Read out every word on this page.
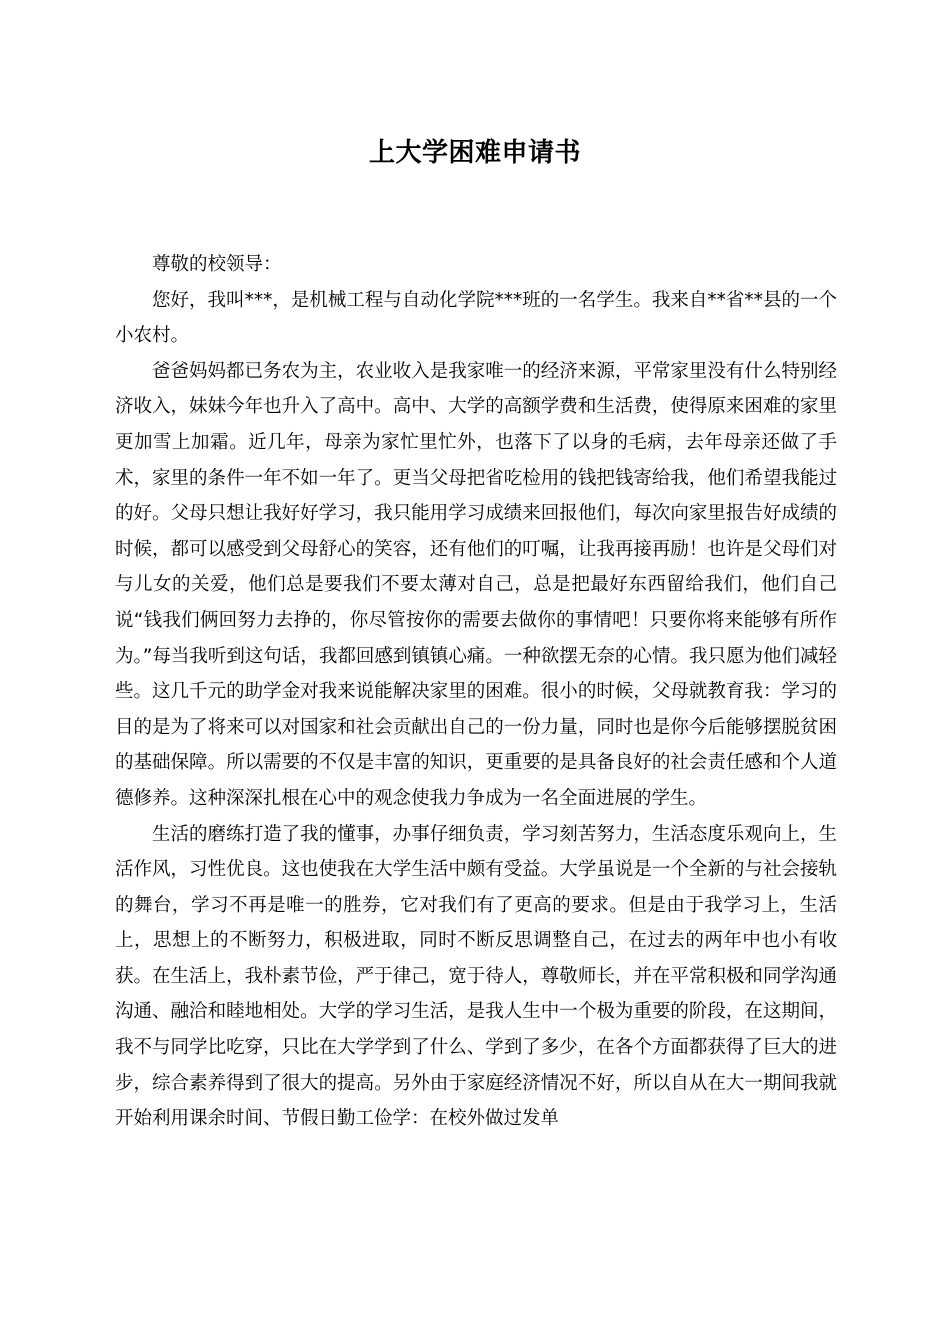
上大学困难申请书

尊敬的校领导：

您好，我叫***，是机械工程与自动化学院***班的一名学生。我来自**省**县的一个小农村。

爸爸妈妈都已务农为主，农业收入是我家唯一的经济来源，平常家里没有什么特别经济收入，妹妹今年也升入了高中。高中、大学的高额学费和生活费，使得原来困难的家里更加雪上加霜。近几年，母亲为家忙里忙外，也落下了以身的毛病，去年母亲还做了手术，家里的条件一年不如一年了。更当父母把省吃检用的钱把钱寄给我，他们希望我能过的好。父母只想让我好好学习，我只能用学习成绩来回报他们，每次向家里报告好成绩的时候，都可以感受到父母舒心的笑容，还有他们的叮嘱，让我再接再励！也许是父母们对与儿女的关爱，他们总是要我们不要太薄对自己，总是把最好东西留给我们，他们自己说“钱我们俩回努力去挣的，你尽管按你的需要去做你的事情吧！只要你将来能够有所作为。”每当我听到这句话，我都回感到镇镇心痛。一种欲摆无奈的心情。我只愿为他们减轻些。这几千元的助学金对我来说能解决家里的困难。很小的时候，父母就教育我：学习的目的是为了将来可以对国家和社会贡献出自己的一份力量，同时也是你今后能够摆脱贫困的基础保障。所以需要的不仅是丰富的知识，更重要的是具备良好的社会责任感和个人道德修养。这种深深扎根在心中的观念使我力争成为一名全面进展的学生。

生活的磨练打造了我的懂事，办事仔细负责，学习刻苦努力，生活态度乐观向上，生活作风，习性优良。这也使我在大学生活中颇有受益。大学虽说是一个全新的与社会接轨的舞台，学习不再是唯一的胜券，它对我们有了更高的要求。但是由于我学习上，生活上，思想上的不断努力，积极进取，同时不断反思调整自己，在过去的两年中也小有收获。在生活上，我朴素节俭，严于律己，宽于待人，尊敬师长，并在平常积极和同学沟通沟通、融洽和睦地相处。大学的学习生活，是我人生中一个极为重要的阶段，在这期间，我不与同学比吃穿，只比在大学学到了什么、学到了多少，在各个方面都获得了巨大的进步，综合素养得到了很大的提高。另外由于家庭经济情况不好，所以自从在大一期间我就开始利用课余时间、节假日勤工俭学：在校外做过发单
